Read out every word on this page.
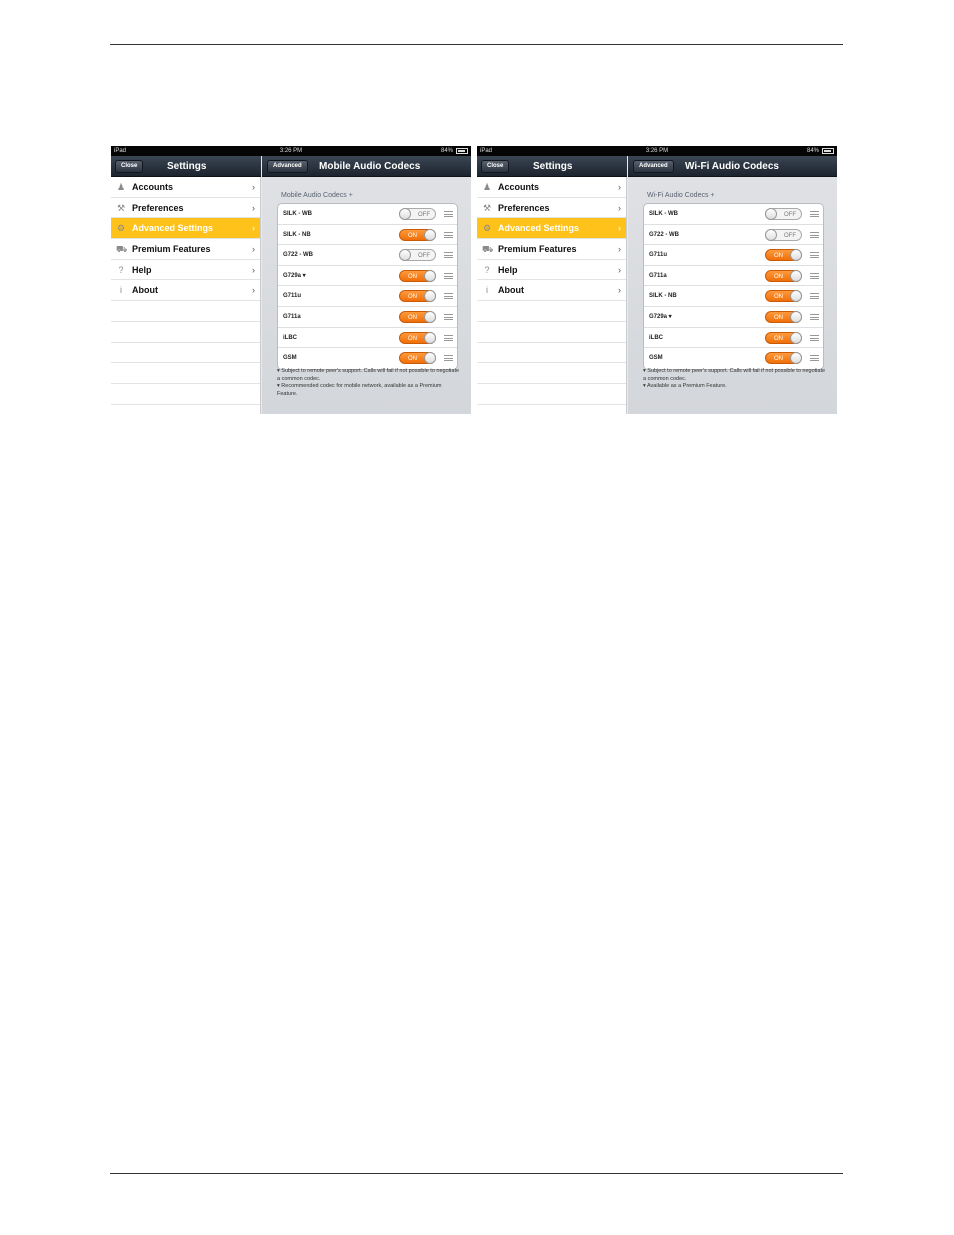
iPad	3:26 PM	84%
Close	Settings	Advanced	Mobile Audio Codecs
♟ Accounts	›
⚒ Preferences	›
⚙ Advanced Settings	›
⛟ Premium Features	›
? Help	›
i	About	›
Mobile Audio Codecs +
SILK - WB	OFF
SILK - NB	ON
G722 - WB	OFF
G729a ▾	ON
G711u	ON
G711a	ON
iLBC	ON
GSM	ON
▾ Subject to remote peer's support. Calls will fail if not possible to negotiate a common codec.
▾ Recommended codec for mobile network, available as a Premium Feature.
iPad	3:26 PM	84%
Close	Settings	Advanced	Wi-Fi Audio Codecs
♟ Accounts	›
⚒ Preferences	›
⚙ Advanced Settings	›
⛟ Premium Features	›
? Help	›
i	About	›
Wi-Fi Audio Codecs +
SILK - WB	OFF
G722 - WB	OFF
G711u	ON
G711a	ON
SILK - NB	ON
G729a ▾	ON
iLBC	ON
GSM	ON
▾ Subject to remote peer's support. Calls will fail if not possible to negotiate a common codec.
▾ Available as a Premium Feature.
